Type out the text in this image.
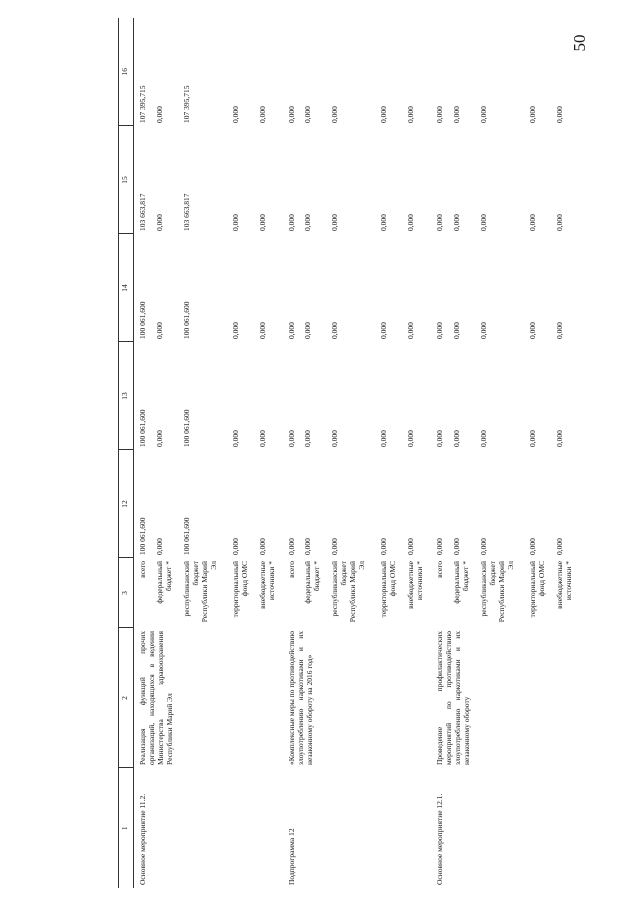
50
1	2	3	12	13	14	15	16
Основное мероприятие 11.2.	Реализация функций прочих организаций, находящихся в ведении Министерства здравоохранения Республики Марий Эл	всего	100 061,600	100 061,600	100 061,600	103 663,817	107 395,715
		федеральный бюджет *	0,000	0,000	0,000	0,000	0,000
		республиканский бюджет Республики Марий Эл	100 061,600	100 061,600	100 061,600	103 663,817	107 395,715
		территориальный фонд ОМС	0,000	0,000	0,000	0,000	0,000
		внебюджетные источники *	0,000	0,000	0,000	0,000	0,000
Подпрограмма 12	«Комплексные меры по противодействию злоупотреблению наркотиками и их незаконному обороту на 2016 год»	всего	0,000	0,000	0,000	0,000	0,000
		федеральный бюджет *	0,000	0,000	0,000	0,000	0,000
		республиканский бюджет Республики Марий Эл	0,000	0,000	0,000	0,000	0,000
		территориальный фонд ОМС	0,000	0,000	0,000	0,000	0,000
		внебюджетные источники *	0,000	0,000	0,000	0,000	0,000
Основное мероприятие 12.1.	Проведение профилактических мероприятий по противодействию злоупотреблению наркотиками и их незаконному обороту	всего	0,000	0,000	0,000	0,000	0,000
		федеральный бюджет *	0,000	0,000	0,000	0,000	0,000
		республиканский бюджет Республики Марий Эл	0,000	0,000	0,000	0,000	0,000
		территориальный фонд ОМС	0,000	0,000	0,000	0,000	0,000
		внебюджетные источники *	0,000	0,000	0,000	0,000	0,000
